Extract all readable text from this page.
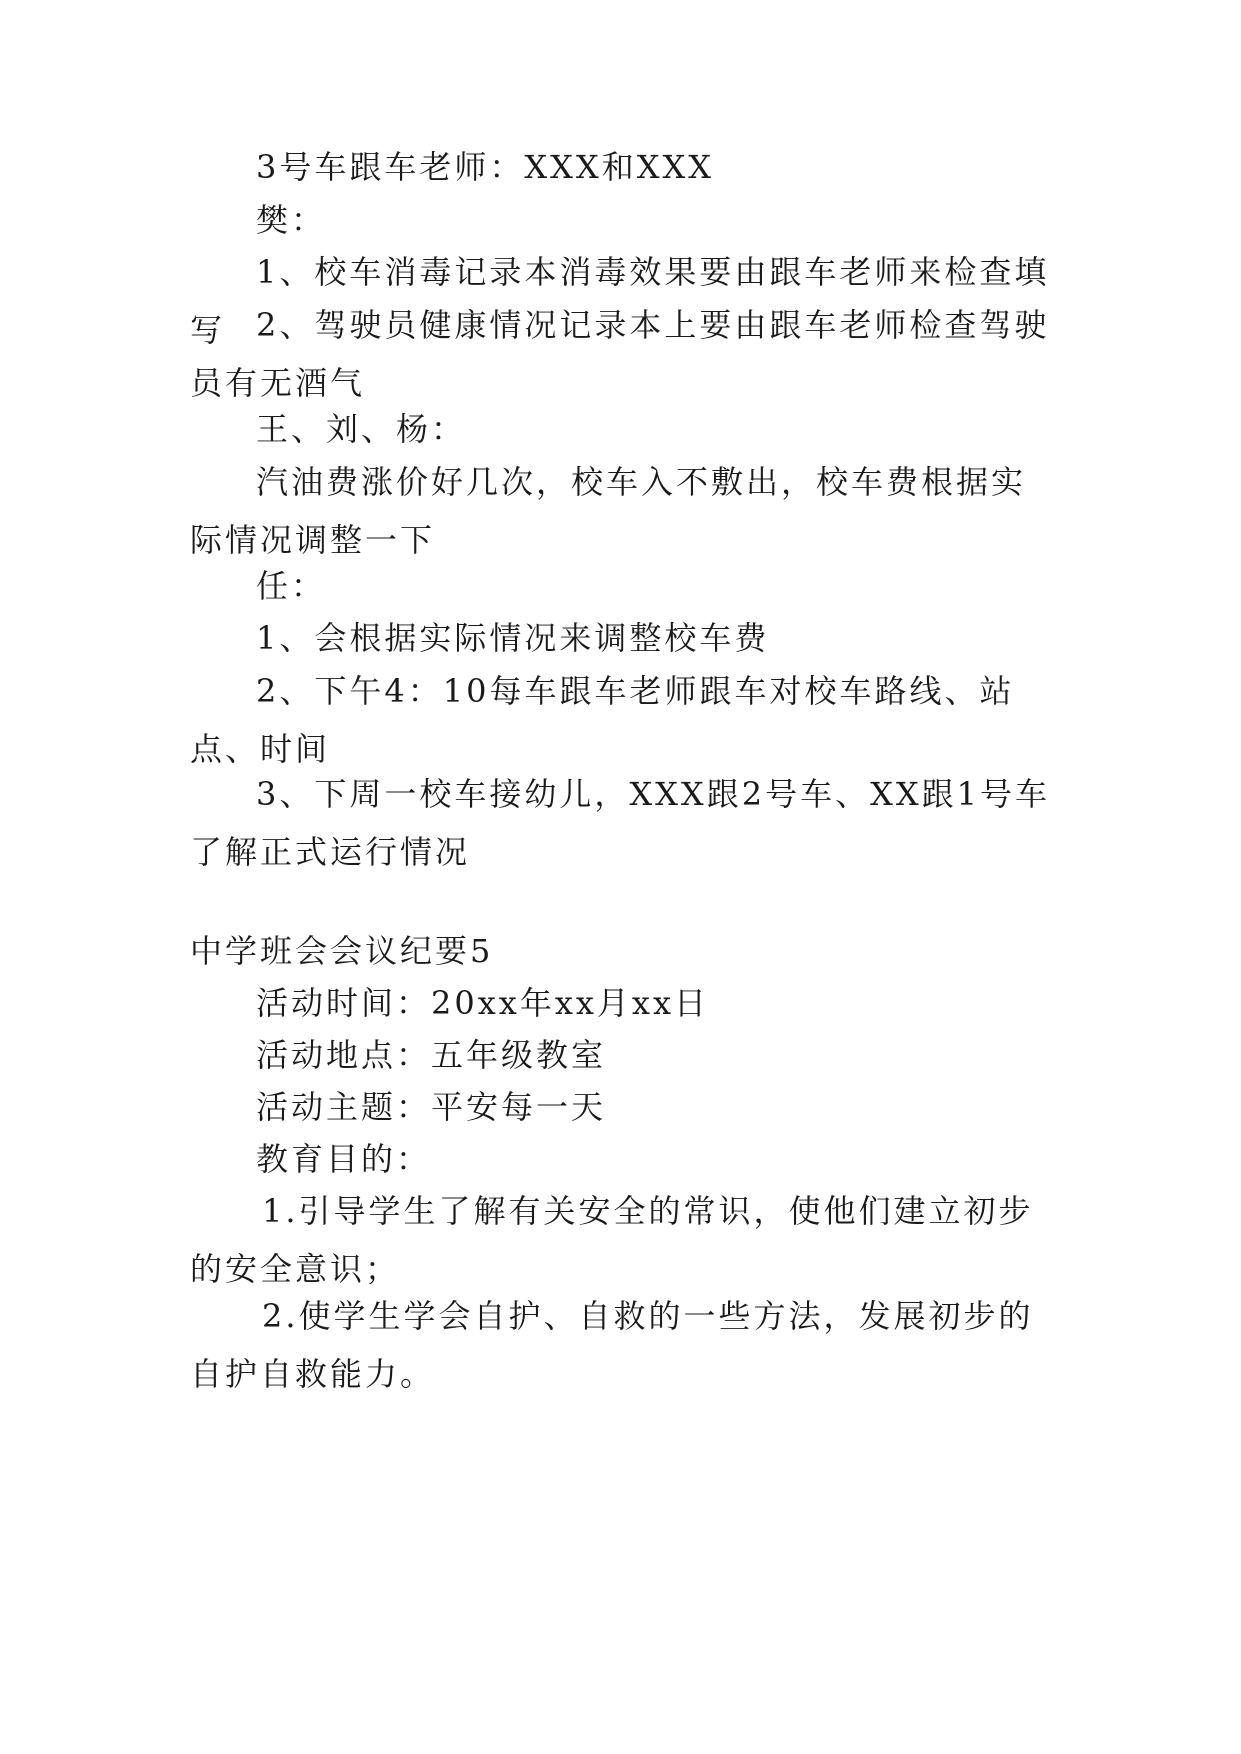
3号车跟车老师：XXX和XXX

樊：

1、校车消毒记录本消毒效果要由跟车老师来检查填写 2、驾驶员健康情况记录本上要由跟车老师检查驾驶员有无酒气

王、刘、杨：

汽油费涨价好几次，校车入不敷出，校车费根据实际情况调整一下

任：

1、会根据实际情况来调整校车费

2、下午4：10每车跟车老师跟车对校车路线、站点、时间

3、下周一校车接幼儿，XXX跟2号车、XX跟1号车了解正式运行情况

中学班会会议纪要5

活动时间：20xx年xx月xx日

活动地点：五年级教室

活动主题：平安每一天

教育目的：

1.引导学生了解有关安全的常识，使他们建立初步的安全意识；

2.使学生学会自护、自救的一些方法，发展初步的自护自救能力。
